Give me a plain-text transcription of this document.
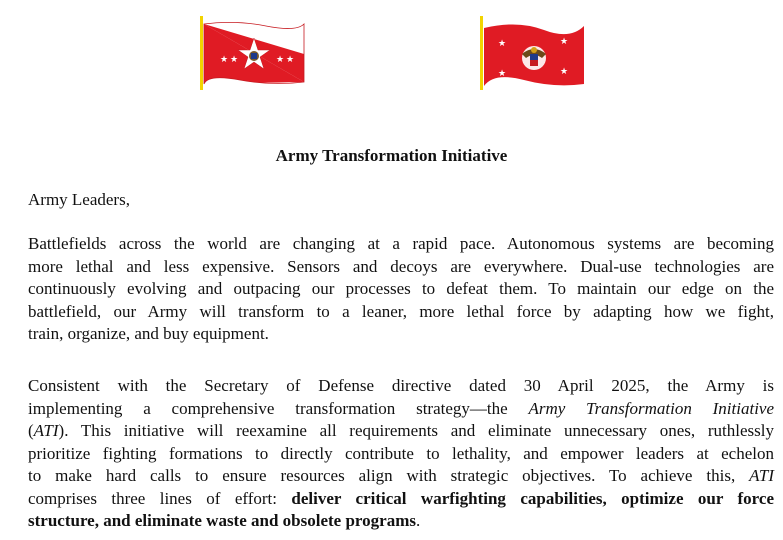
★ ★	★ ★
★	★
★	★
Army Transformation Initiative
Army Leaders,

Battlefields across the world are changing at a rapid pace. Autonomous systems are becoming
more lethal and less expensive. Sensors and decoys are everywhere. Dual-use technologies are
continuously evolving and outpacing our processes to defeat them. To maintain our edge on the
battlefield, our Army will transform to a leaner, more lethal force by adapting how we fight,
train, organize, and buy equipment.

Consistent with the Secretary of Defense directive dated 30 April 2025, the Army is
implementing a comprehensive transformation strategy—the Army Transformation Initiative
(ATI). This initiative will reexamine all requirements and eliminate unnecessary ones, ruthlessly
prioritize fighting formations to directly contribute to lethality, and empower leaders at echelon
to make hard calls to ensure resources align with strategic objectives. To achieve this, ATI
comprises three lines of effort: deliver critical warfighting capabilities, optimize our force
structure, and eliminate waste and obsolete programs.
